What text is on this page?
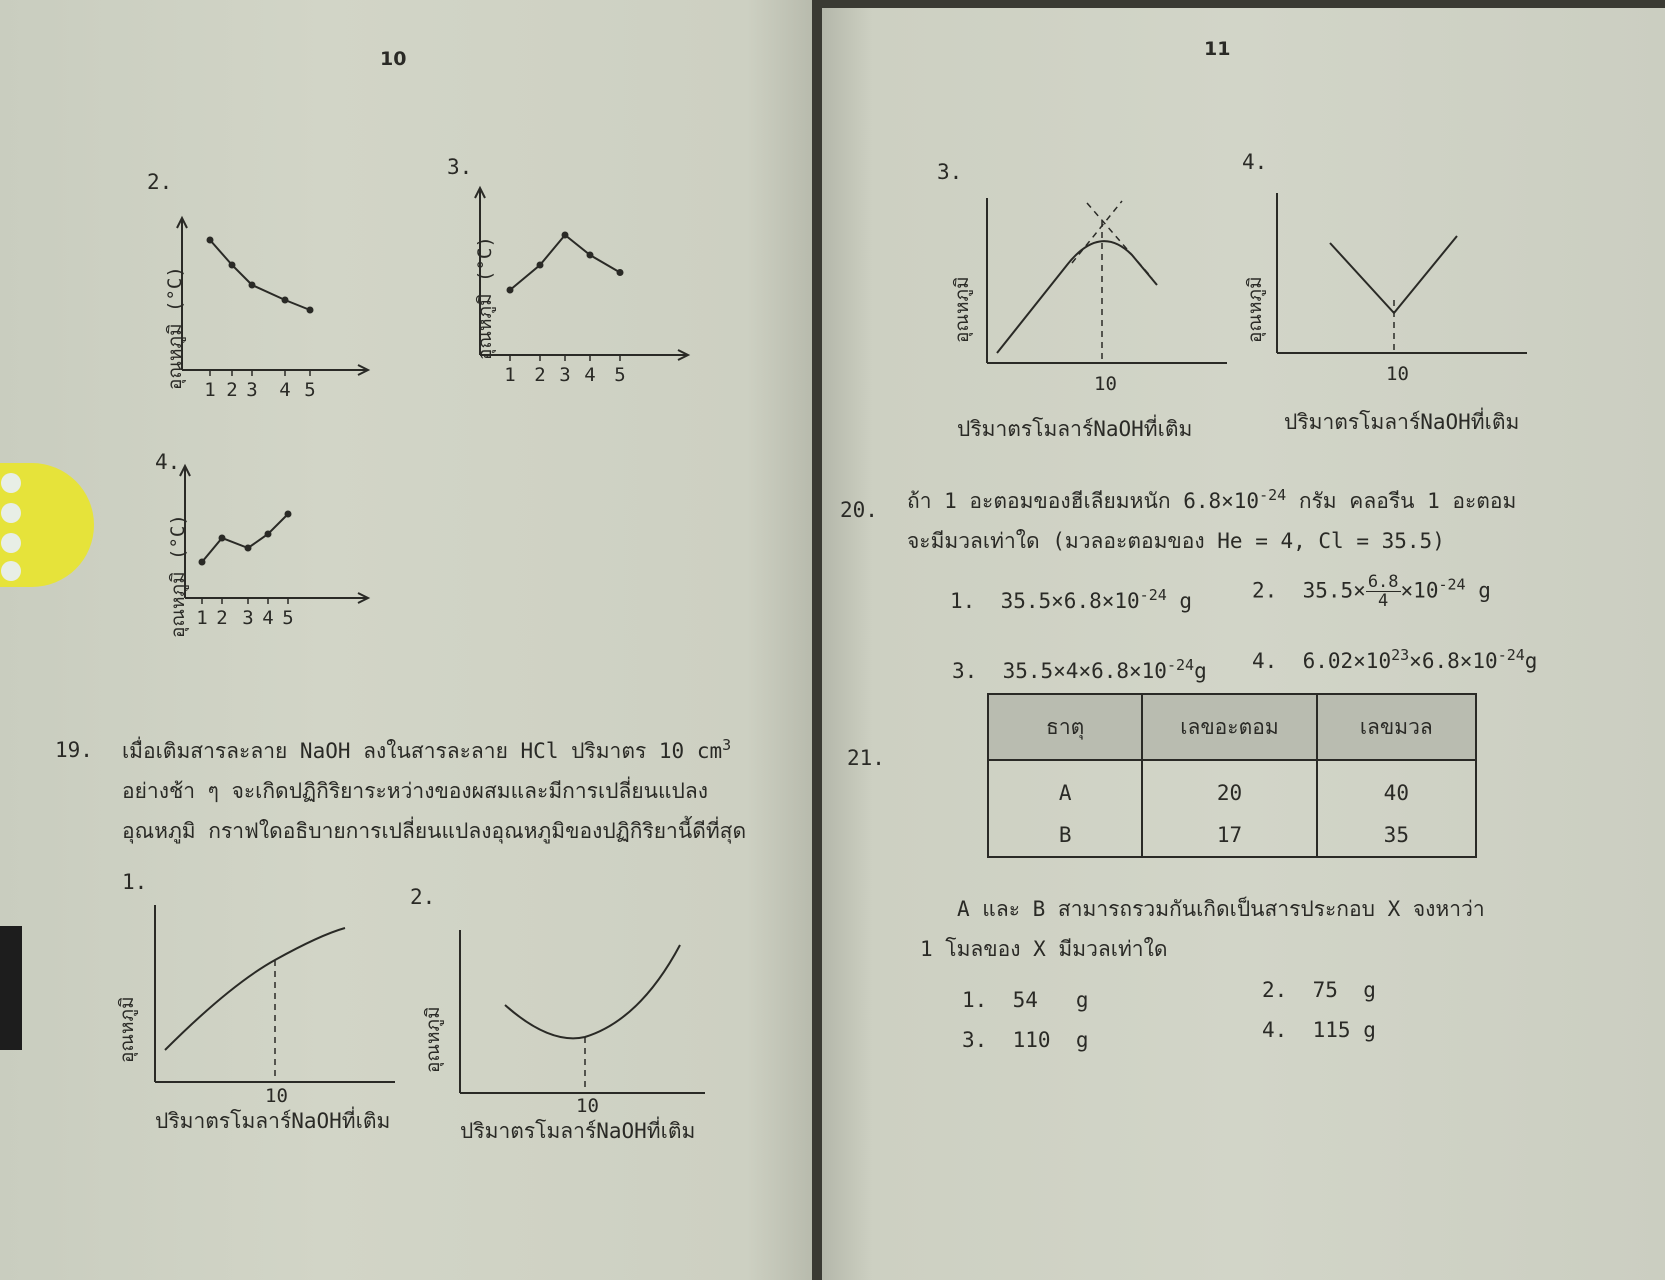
10
2.
อุณหภูมิ (°C) 1 2 3 4 5
3.
อุณหภูมิ (°C)
1 2 3 4 5
4.
อุณหภูมิ (°C) 1 2 3 4 5
19. เมื่อเติมสารละลาย NaOH ลงในสารละลาย HCl ปริมาตร 10 $cm^3$
อย่างช้า ๆ จะเกิดปฏิกิริยาระหว่างของผสมและมีการเปลี่ยนแปลง
อุณหภูมิ กราฟใดอธิบายการเปลี่ยนแปลงอุณหภูมิของปฏิกิริยานี้ดีที่สุด
1.
อุณหภูมิ
10
ปริมาตรโมลาร์NaOHที่เติม
2.
อุณหภูมิ
10
ปริมาตรโมลาร์NaOHที่เติม
11
3.
อุณหภูมิ
10
ปริมาตรโมลาร์NaOHที่เติม
4.
อุณหภูมิ
10
ปริมาตรโมลาร์NaOHที่เติม
20. ถ้า 1 อะตอมของฮีเลียมหนัก $6.8\times 10^{-24}$ กรัม คลอรีน 1 อะตอม
จะมีมวลเท่าใด (มวลอะตอมของ He = 4, Cl = 35.5)
1. $35.5\times 6.8\times 10^{-24}$ g	2. $35.5\times \frac{6.8}{4} \times 10^{-24}$ g
3. $35.5\times 4\times 6.8\times 10^{-24}g$ 4. $6.02\times 10^{23}\times 6.8\times 10^{-24}g$
21.
ธาตุ	เลขอะตอม	เลขมวล
A	20	40
B	17	35
A และ B สามารถรวมกันเกิดเป็นสารประกอบ X จงหาว่า
1 โมลของ X มีมวลเท่าใด
1. 54 g	2. 75 g
3. 110 g	4. 115 g
